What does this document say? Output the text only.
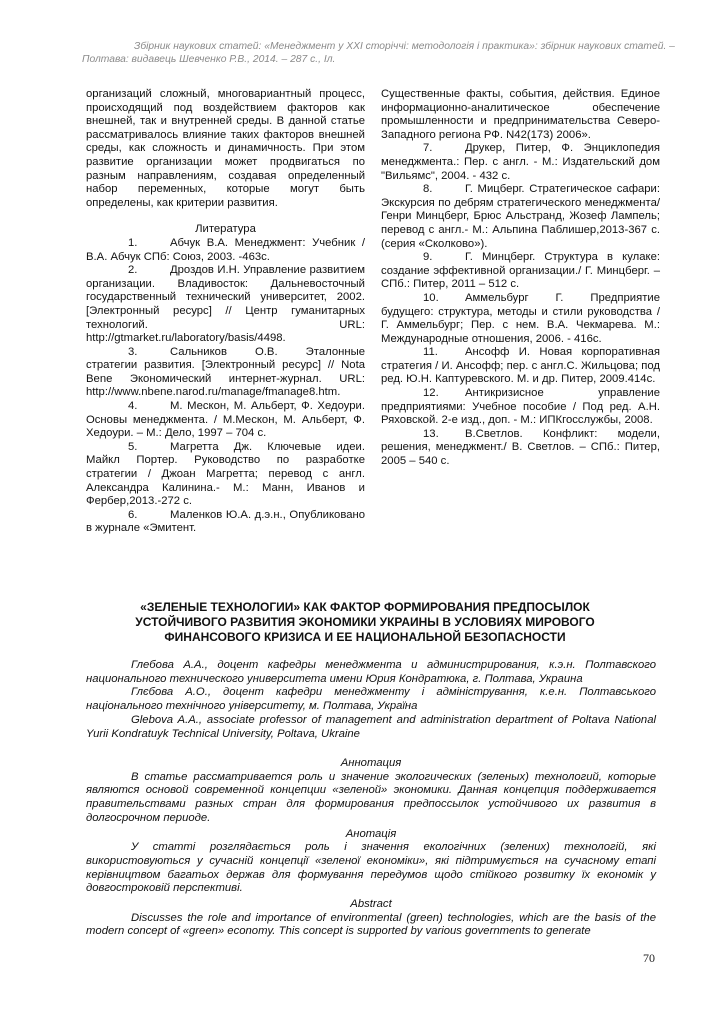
Збірник наукових статей: «Менеджмент у ХХІ сторіччі: методологія і практика»: збірник наукових статей. –
Полтава: видавець Шевченко Р.В., 2014. – 287 с., Іл.

организаций сложный, многовариантный процесс, происходящий под воздействием факторов как внешней, так и внутренней среды. В данной статье рассматривалось влияние таких факторов внешней среды, как сложность и динамичность. При этом развитие организации может продвигаться по разным направлениям, создавая определенный набор переменных, которые могут быть определены, как критерии развития.

Литература

1.	Абчук В.А. Менеджмент: Учебник / В.А. Абчук СПб: Союз, 2003. -463с.

2.	Дроздов И.Н. Управление развитием организации. Владивосток: Дальневосточный государственный технический университет, 2002. [Электронный ресурс] // Центр гуманитарных технологий. URL: http://gtmarket.ru/laboratory/basis/4498.

3.	Сальников О.В. Эталонные стратегии развития. [Электронный ресурс] // Nota Bene Экономический интернет-журнал. URL: http://www.nbene.narod.ru/manage/fmanage8.htm.

4.	М. Мескон, М. Альберт, Ф. Хедоури. Основы менеджмента. / М.Мескон, М. Альберт, Ф. Хедоури. – М.: Дело, 1997 – 704 с.

5.	Магретта Дж. Ключевые идеи. Майкл Портер. Руководство по разработке стратегии / Джоан Магретта; перевод с англ. Александра Калинина.- М.: Манн, Иванов и Фербер,2013.-272 с.

6.	Маленков Ю.А. д.э.н., Опубликовано в журнале «Эмитент.

Существенные факты, события, действия. Единое информационно-аналитическое обеспечение промышленности и предпринимательства Северо-Западного региона РФ. N42(173) 2006».

7.	Друкер, Питер, Ф. Энциклопедия менеджмента.: Пер. с англ. - М.: Издательский дом "Вильямс", 2004. - 432 с.

8.	Г. Мицберг. Стратегическое сафари: Экскурсия по дебрям стратегического менеджмента/ Генри Минцберг, Брюс Альстранд, Жозеф Лампель; перевод с англ.- М.: Альпина Паблишер,2013-367 с. (серия «Сколково»).

9.	Г. Минцберг. Структура в кулаке: создание эффективной организации./ Г. Минцберг. – СПб.: Питер, 2011 – 512 с.

10. Аммельбург Г. Предприятие будущего: структура, методы и стили руководства / Г. Аммельбург; Пер. с нем. В.А. Чекмарева. М.: Международные отношения, 2006. - 416с.

11. Ансофф И. Новая корпоративная стратегия / И. Ансофф; пер. с англ.С. Жильцова; под ред. Ю.Н. Каптуревского. М. и др. Питер, 2009.414с.

12. Антикризисное управление предприятиями: Учебное пособие / Под ред. А.Н. Ряховской. 2-е изд., доп. - М.: ИПКгосслужбы, 2008.

13. В.Светлов. Конфликт: модели, решения, менеджмент./ В. Светлов. – СПб.: Питер, 2005 – 540 с.

«ЗЕЛЕНЫЕ ТЕХНОЛОГИИ» КАК ФАКТОР ФОРМИРОВАНИЯ ПРЕДПОСЫЛОК УСТОЙЧИВОГО РАЗВИТИЯ ЭКОНОМИКИ УКРАИНЫ В УСЛОВИЯХ МИРОВОГО ФИНАНСОВОГО КРИЗИСА И ЕЕ НАЦИОНАЛЬНОЙ БЕЗОПАСНОСТИ

Глебова А.А., доцент кафедры менеджмента и администрирования, к.э.н. Полтавского национального технического университета имени Юрия Кондратюка, г. Полтава, Украина

Глєбова А.О., доцент кафедри менеджменту і адміністрування, к.е.н. Полтавського національного технічного університету, м. Полтава, Україна

Glebova A.A., associate professor of management and administration department of Poltava National Yurii Kondratuyk Technical University, Poltava, Ukraine

Аннотация

В статье рассматривается роль и значение экологических (зеленых) технологий, которые являются основой современной концепции «зеленой» экономики. Данная концепция поддерживается правительствами разных стран для формирования предпоссылок устойчивого их развития в долгосрочном периоде.

Анотація

У статті розглядається роль і значення екологічних (зелених) технологій, які використовуються у сучасній концепції «зеленої економіки», які підтримується на сучасному етапі керівництвом багатьох держав для формування передумов щодо стійкого розвитку їх економік у довгостроковій перспективі.

Abstract

Discusses the role and importance of environmental (green) technologies, which are the basis of the modern concept of «green» economy. This concept is supported by various governments to generate

70
